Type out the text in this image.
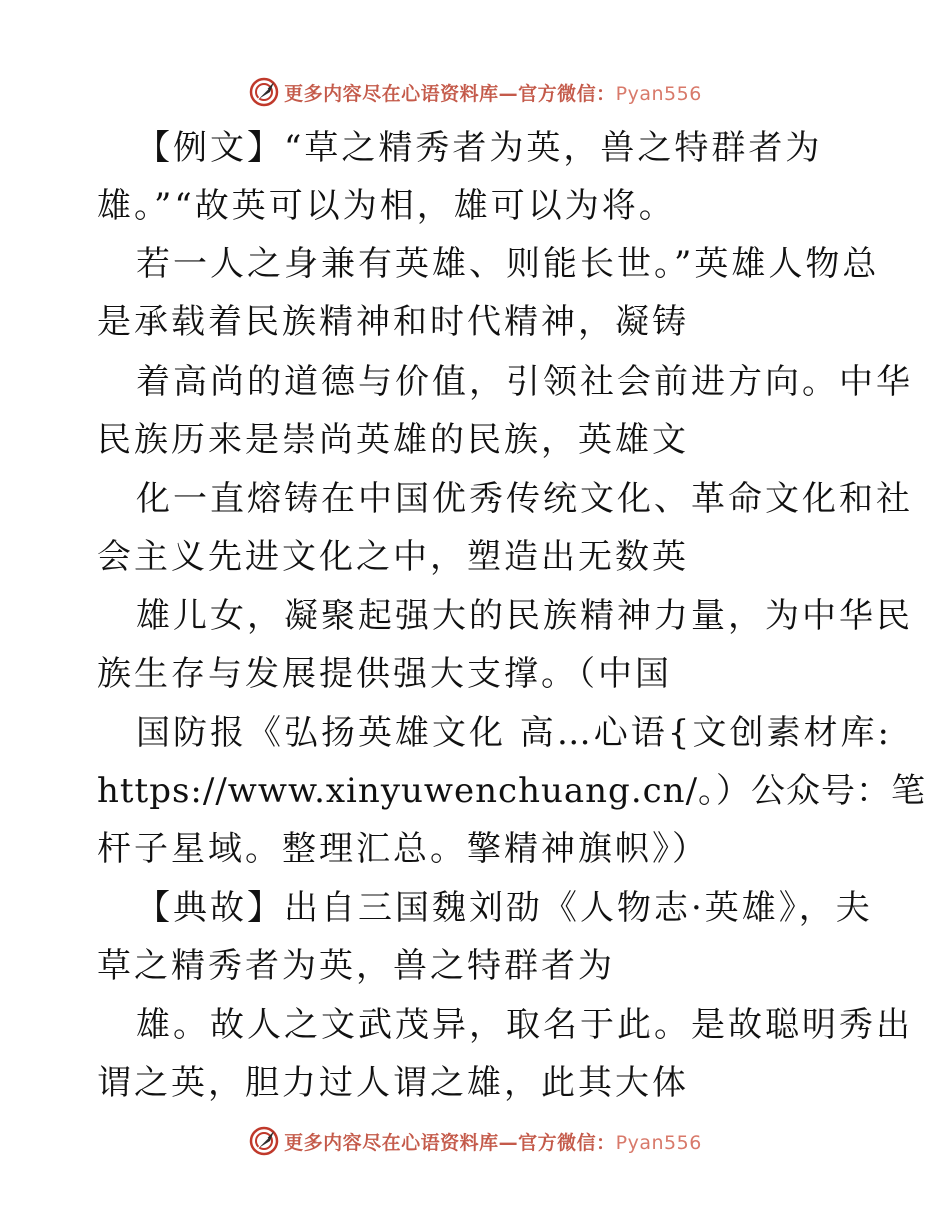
更多内容尽在心语资料库—官方微信：Pyan556
【例文】“草之精秀者为英，兽之特群者为
雄。”“故英可以为相，雄可以为将。
若一人之身兼有英雄、则能长世。”英雄人物总
是承载着民族精神和时代精神，凝铸
着高尚的道德与价值，引领社会前进方向。中华
民族历来是崇尚英雄的民族，英雄文
化一直熔铸在中国优秀传统文化、革命文化和社
会主义先进文化之中，塑造出无数英
雄儿女，凝聚起强大的民族精神力量，为中华民
族生存与发展提供强大支撑。（中国
国防报《弘扬英雄文化 高…心语{文创素材库:
https://www.xinyuwenchuang.cn/。）公众号：笔
杆子星域。整理汇总。擎精神旗帜》）
【典故】出自三国魏刘劭《人物志·英雄》，夫
草之精秀者为英，兽之特群者为
雄。故人之文武茂异，取名于此。是故聪明秀出
谓之英，胆力过人谓之雄，此其大体
更多内容尽在心语资料库—官方微信：Pyan556
